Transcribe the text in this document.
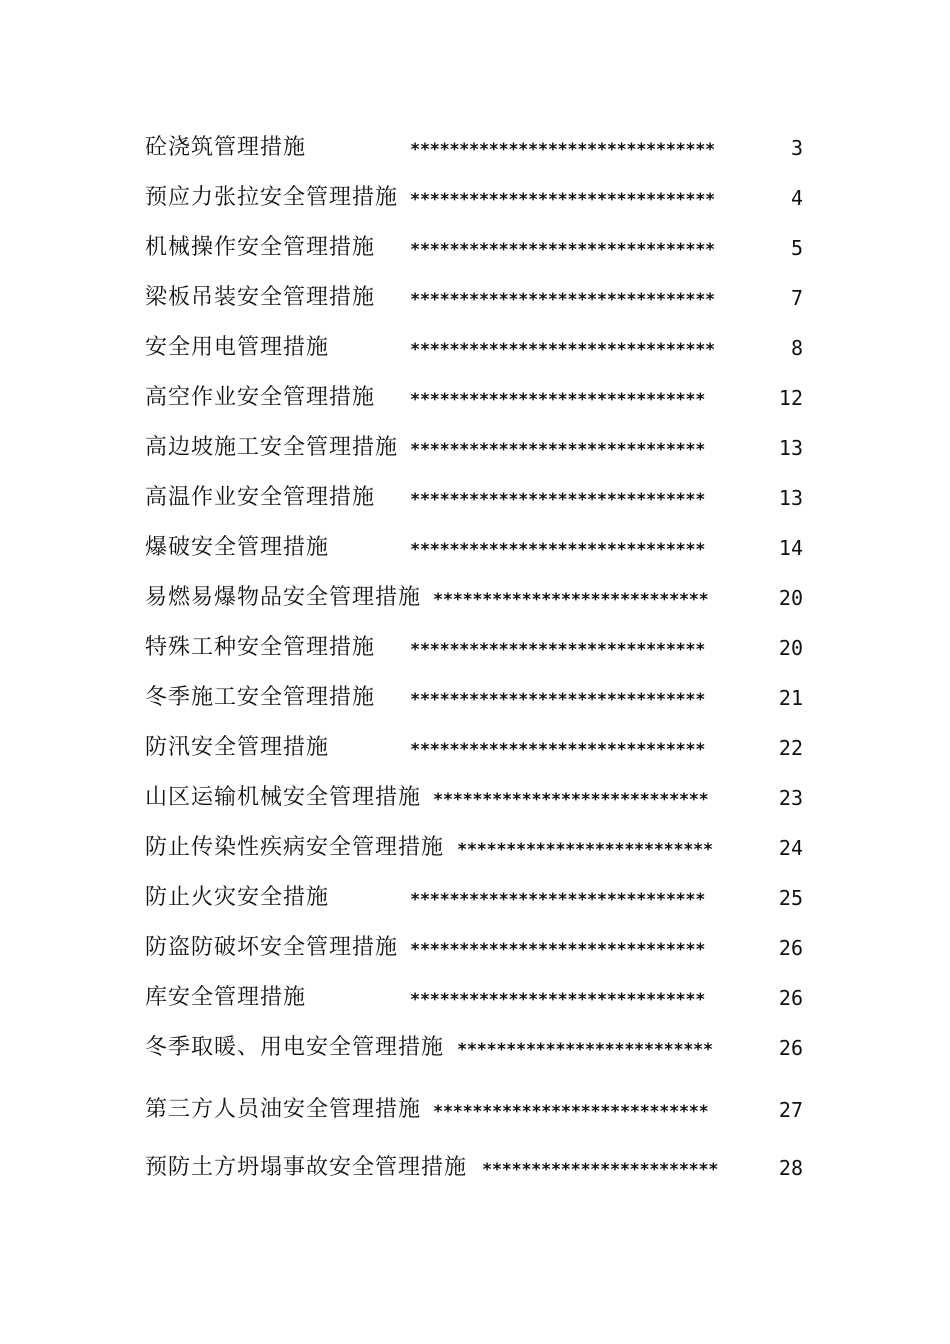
砼浇筑管理措施	*******************************	3
预应力张拉安全管理措施 *******************************	4
机械操作安全管理措施 *******************************	5
梁板吊装安全管理措施 *******************************	7
安全用电管理措施	*******************************	8
高空作业安全管理措施 ******************************	12
高边坡施工安全管理措施 ******************************	13
高温作业安全管理措施 ******************************	13
爆破安全管理措施	******************************	14
易燃易爆物品安全管理措施 ****************************	20
特殊工种安全管理措施 ******************************	20
冬季施工安全管理措施 ******************************	21
防汛安全管理措施	******************************	22
山区运输机械安全管理措施 ****************************	23
防止传染性疾病安全管理措施 **************************	24
防止火灾安全措施	******************************	25
防盗防破坏安全管理措施 ******************************	26
库安全管理措施	******************************	26
冬季取暖、用电安全管理措施 **************************	26
第三方人员油安全管理措施 ****************************	27
预防土方坍塌事故安全管理措施 ************************	28
